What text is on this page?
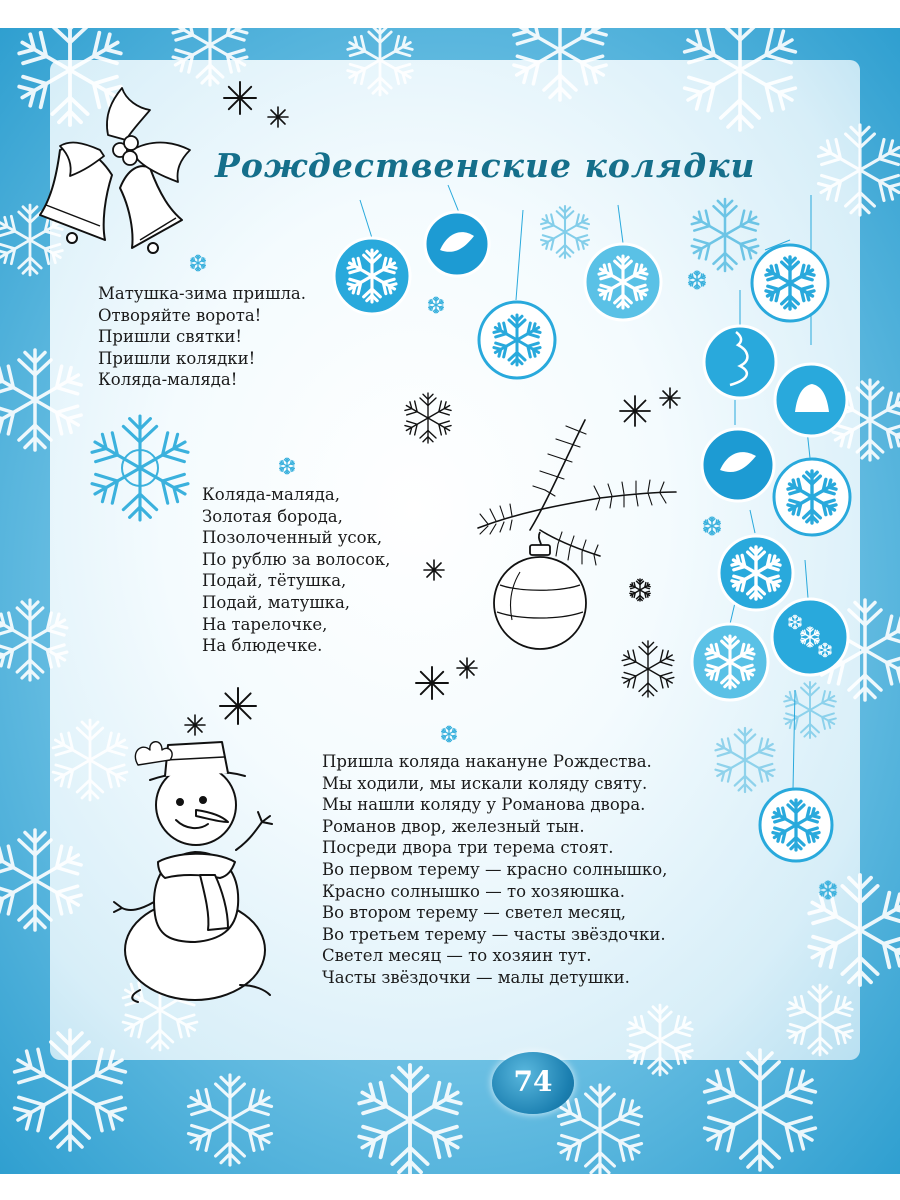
Рождественские колядки
Матушка-зима пришла.
Отворяйте ворота!
Пришли святки!
Пришли колядки!
Коляда-маляда!
Коляда-маляда,
Золотая борода,
Позолоченный усок,
По рублю за волосок,
Подай, тётушка,
Подай, матушка,
На тарелочке,
На блюдечке.
Пришла коляда накануне Рождества.
Мы ходили, мы искали коляду святу.
Мы нашли коляду у Романова двора.
Романов двор, железный тын.
Посреди двора три терема стоят.
Во первом терему — красно солнышко,
Красно солнышко — то хозяюшка.
Во втором терему — светел месяц,
Во третьем терему — часты звёздочки.
Светел месяц — то хозяин тут.
Часты звёздочки — малы детушки.
74
